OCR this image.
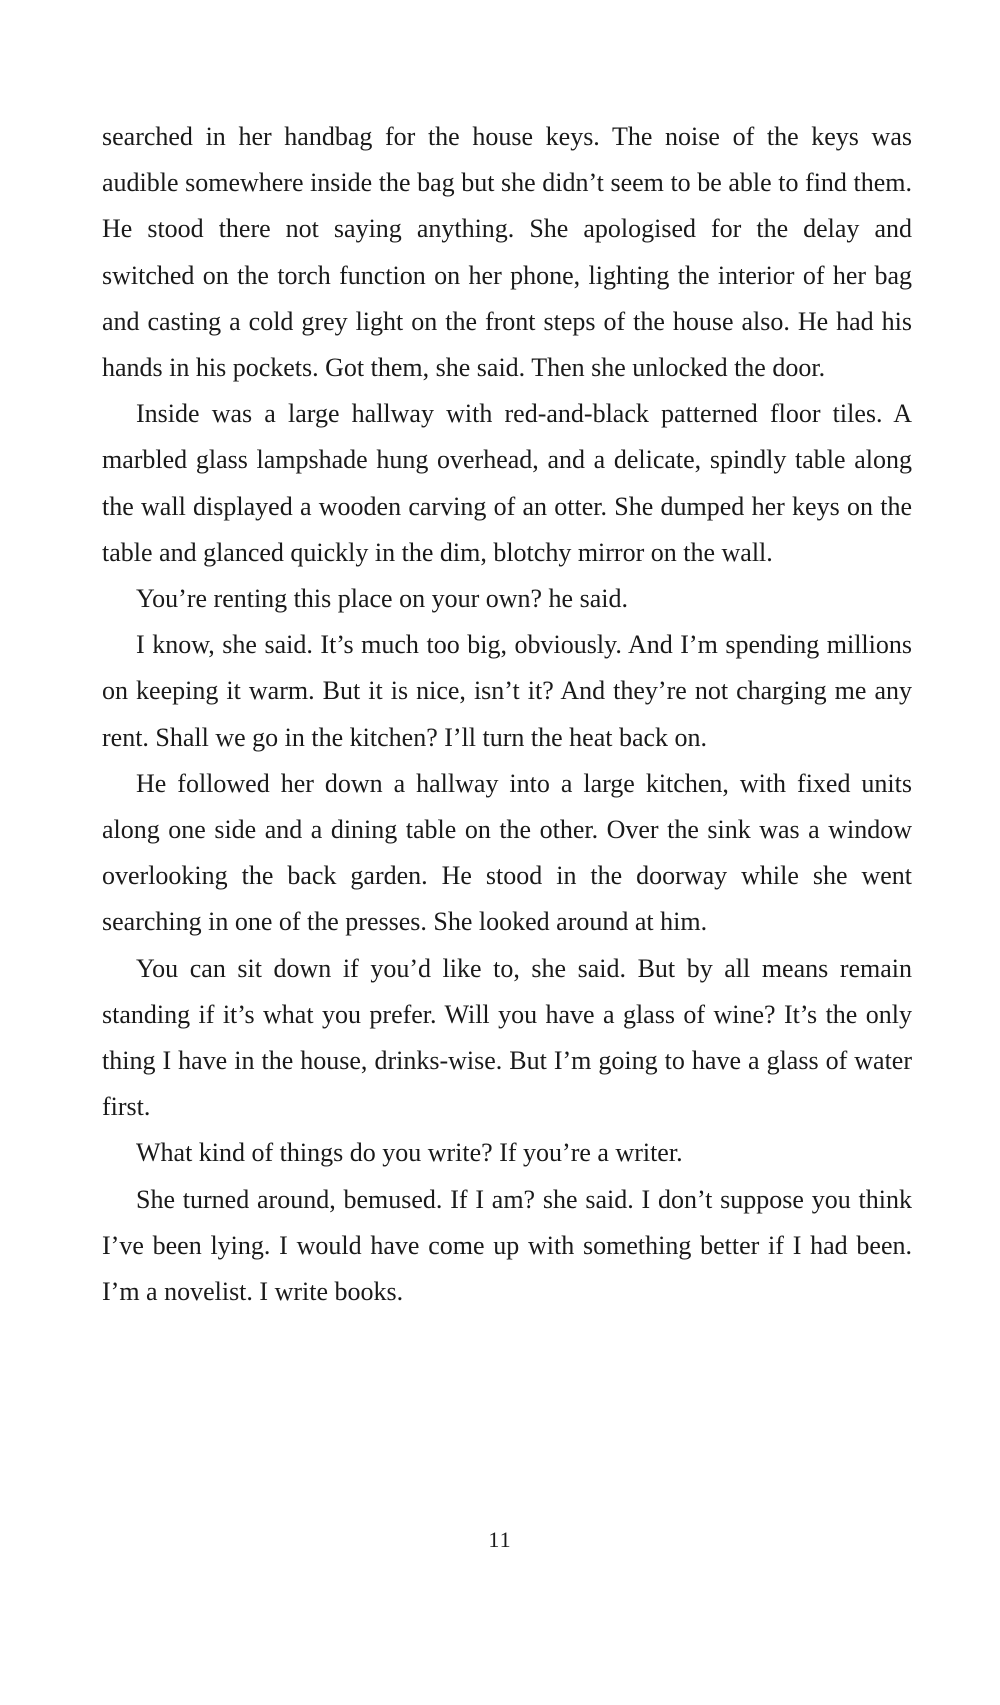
searched in her handbag for the house keys. The noise of the keys was audible somewhere inside the bag but she didn’t seem to be able to find them. He stood there not saying anything. She apologised for the delay and switched on the torch function on her phone, lighting the interior of her bag and casting a cold grey light on the front steps of the house also. He had his hands in his pockets. Got them, she said. Then she unlocked the door.

Inside was a large hallway with red-and-black patterned floor tiles. A marbled glass lampshade hung overhead, and a delicate, spindly table along the wall displayed a wooden carving of an otter. She dumped her keys on the table and glanced quickly in the dim, blotchy mirror on the wall.

You’re renting this place on your own? he said.

I know, she said. It’s much too big, obviously. And I’m spending millions on keeping it warm. But it is nice, isn’t it? And they’re not charging me any rent. Shall we go in the kitchen? I’ll turn the heat back on.

He followed her down a hallway into a large kitchen, with fixed units along one side and a dining table on the other. Over the sink was a window overlooking the back garden. He stood in the doorway while she went searching in one of the presses. She looked around at him.

You can sit down if you’d like to, she said. But by all means remain standing if it’s what you prefer. Will you have a glass of wine? It’s the only thing I have in the house, drinks-wise. But I’m going to have a glass of water first.

What kind of things do you write? If you’re a writer.

She turned around, bemused. If I am? she said. I don’t suppose you think I’ve been lying. I would have come up with something better if I had been. I’m a novelist. I write books.

11
